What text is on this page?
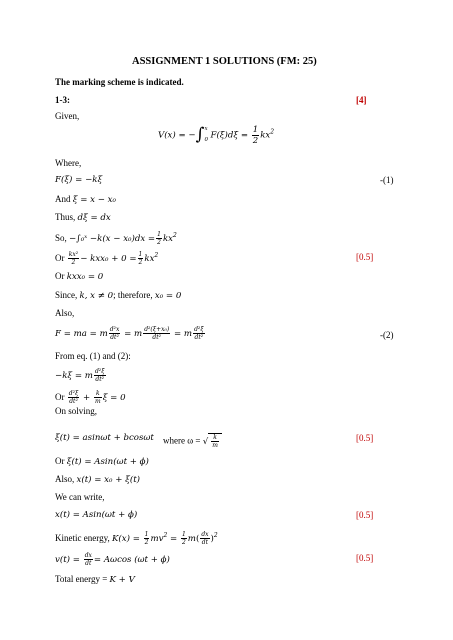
ASSIGNMENT 1 SOLUTIONS (FM: 25)
The marking scheme is indicated.
1-3:	[4]
Given,
V(x) = −∫ x
0 $F(\xi)d\xi = \frac{1}{2} kx^2$
Where,
F(ξ) = −kξ	-(1)
And ξ = x − x₀
Thus, dξ = dx
So, −∫₀ˣ $-k(x - x_0)dx = \frac{1}{2} kx^2$
Or $\frac{\text{kx²}}{2} - kxx_0 + 0 = \frac{1}{2} kx^2$	[0.5]
Or kxx₀ = 0
Since, k, x ≠ 0; therefore, x₀ = 0
Also,
F = ma = m $\frac{\text{d²x}}{\text{dt²}} = m \frac{\text{d²(ξ+x₀)}}{\text{dt²}} = m \frac{\text{d²ξ}}{\text{dt²}}$	-(2)
From eq. (1) and (2):
−kξ = m $\frac{\text{d²ξ}}{\text{dt²}}$
Or $\frac{\text{d²ξ}}{\text{dt²}} + \frac{k}{m}$ ξ = 0
On solving,
ξ(t) = asinωt + bcosωt where ω = √ $\frac{k}{m}$	[0.5]
Or ξ(t) = Asin(ωt + ϕ)
Also, x(t) = x₀ + ξ(t)
We can write,
x(t) = Asin(ωt + ϕ)	[0.5]
Kinetic energy, $K(x) = \frac{1}{2} mv^2 = \frac{1}{2} m( \frac{dx}{dt} )^2$
$v(t) = \frac{dx}{dt} = A\omega\cos$ (ωt + ϕ)	[0.5]
Total energy = K + V
